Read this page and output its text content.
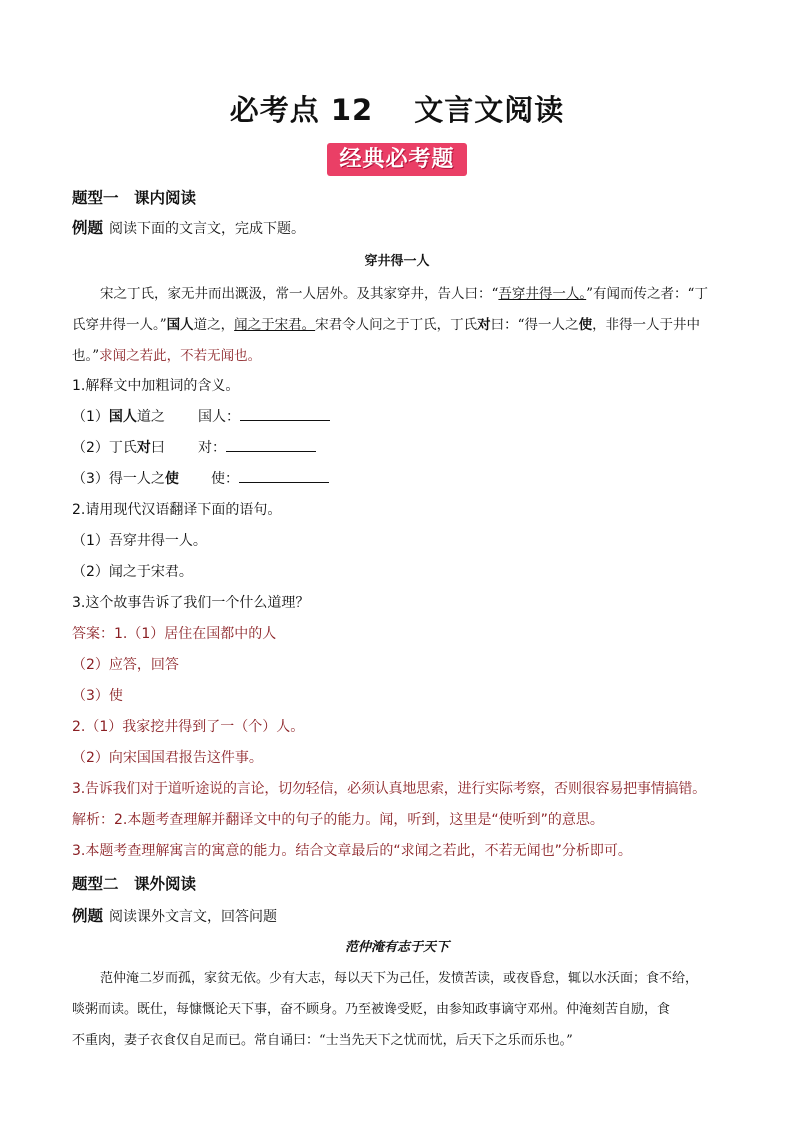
必考点 12　 文言文阅读
经典必考题
题型一　课内阅读
例题 阅读下面的文言文，完成下题。
穿井得一人
宋之丁氏，家无井而出溉汲，常一人居外。及其家穿井，告人曰：“吾穿井得一人。”有闻而传之者：“丁
氏穿井得一人。”国人道之，闻之于宋君。宋君令人问之于丁氏，丁氏对曰：“得一人之使，非得一人于井中
也。”求闻之若此，不若无闻也。
1.解释文中加粗词的含义。
（1）国人道之 国人：
（2）丁氏对曰 对：
（3）得一人之使 使：
2.请用现代汉语翻译下面的语句。
（1）吾穿井得一人。
（2）闻之于宋君。
3.这个故事告诉了我们一个什么道理？
答案：1.（1）居住在国都中的人
（2）应答，回答
（3）使
2.（1）我家挖井得到了一（个）人。
（2）向宋国国君报告这件事。
3.告诉我们对于道听途说的言论，切勿轻信，必须认真地思索，进行实际考察，否则很容易把事情搞错。
解析：2.本题考查理解并翻译文中的句子的能力。闻，听到，这里是“使听到”的意思。
3.本题考查理解寓言的寓意的能力。结合文章最后的“求闻之若此，不若无闻也”分析即可。
题型二　课外阅读
例题 阅读课外文言文，回答问题
范仲淹有志于天下
范仲淹二岁而孤，家贫无依。少有大志，每以天下为己任，发愤苦读，或夜昏怠，辄以水沃面；食不给，
啖粥而读。既仕，每慷慨论天下事，奋不顾身。乃至被谗受贬，由参知政事谪守邓州。仲淹刻苦自励，食
不重肉，妻子衣食仅自足而已。常自诵曰：“士当先天下之忧而忧，后天下之乐而乐也。”
